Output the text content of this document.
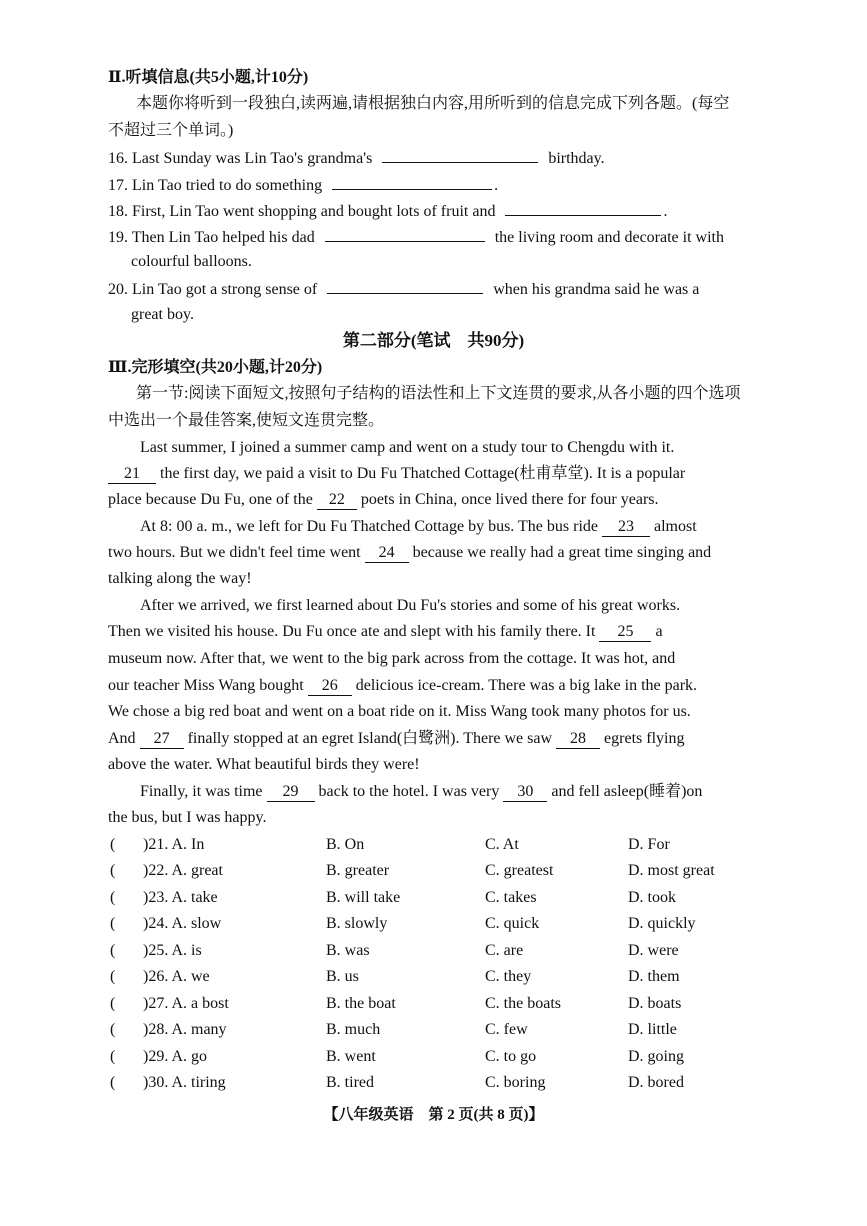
Ⅱ.听填信息(共5小题,计10分)
本题你将听到一段独白,读两遍,请根据独白内容,用所听到的信息完成下列各题。(每空
不超过三个单词。)
16. Last Sunday was Lin Tao's grandma's	birthday.
17. Lin Tao tried to do something	.
18. First, Lin Tao went shopping and bought lots of fruit and	.
19. Then Lin Tao helped his dad	the living room and decorate it with
colourful balloons.
20. Lin Tao got a strong sense of	when his grandma said he was a
great boy.
第二部分(笔试　共90分)
Ⅲ.完形填空(共20小题,计20分)
第一节:阅读下面短文,按照句子结构的语法性和上下文连贯的要求,从各小题的四个选项
中选出一个最佳答案,使短文连贯完整。
Last summer, I joined a summer camp and went on a study tour to Chengdu with it.
21 the first day, we paid a visit to Du Fu Thatched Cottage(杜甫草堂). It is a popular
place because Du Fu, one of the 22 poets in China, once lived there for four years.
At 8: 00 a. m., we left for Du Fu Thatched Cottage by bus. The bus ride 23 almost
two hours. But we didn't feel time went 24 because we really had a great time singing and
talking along the way!
After we arrived, we first learned about Du Fu's stories and some of his great works.
Then we visited his house. Du Fu once ate and slept with his family there. It 25 a
museum now. After that, we went to the big park across from the cottage. It was hot, and
our teacher Miss Wang bought 26 delicious ice-cream. There was a big lake in the park.
We chose a big red boat and went on a boat ride on it. Miss Wang took many photos for us.
And 27 finally stopped at an egret Island(白鹭洲). There we saw 28 egrets flying
above the water. What beautiful birds they were!
Finally, it was time 29 back to the hotel. I was very 30 and fell asleep(睡着)on
the bus, but I was happy.
( )21. A. In	B. On	C. At	D. For
( )22. A. great	B. greater	C. greatest	D. most great
( )23. A. take	B. will take	C. takes	D. took
( )24. A. slow	B. slowly	C. quick	D. quickly
( )25. A. is	B. was	C. are	D. were
( )26. A. we	B. us	C. they	D. them
( )27. A. a bost	B. the boat	C. the boats	D. boats
( )28. A. many	B. much	C. few	D. little
( )29. A. go	B. went	C. to go	D. going
( )30. A. tiring	B. tired	C. boring	D. bored
【八年级英语　第 2 页(共 8 页)】
